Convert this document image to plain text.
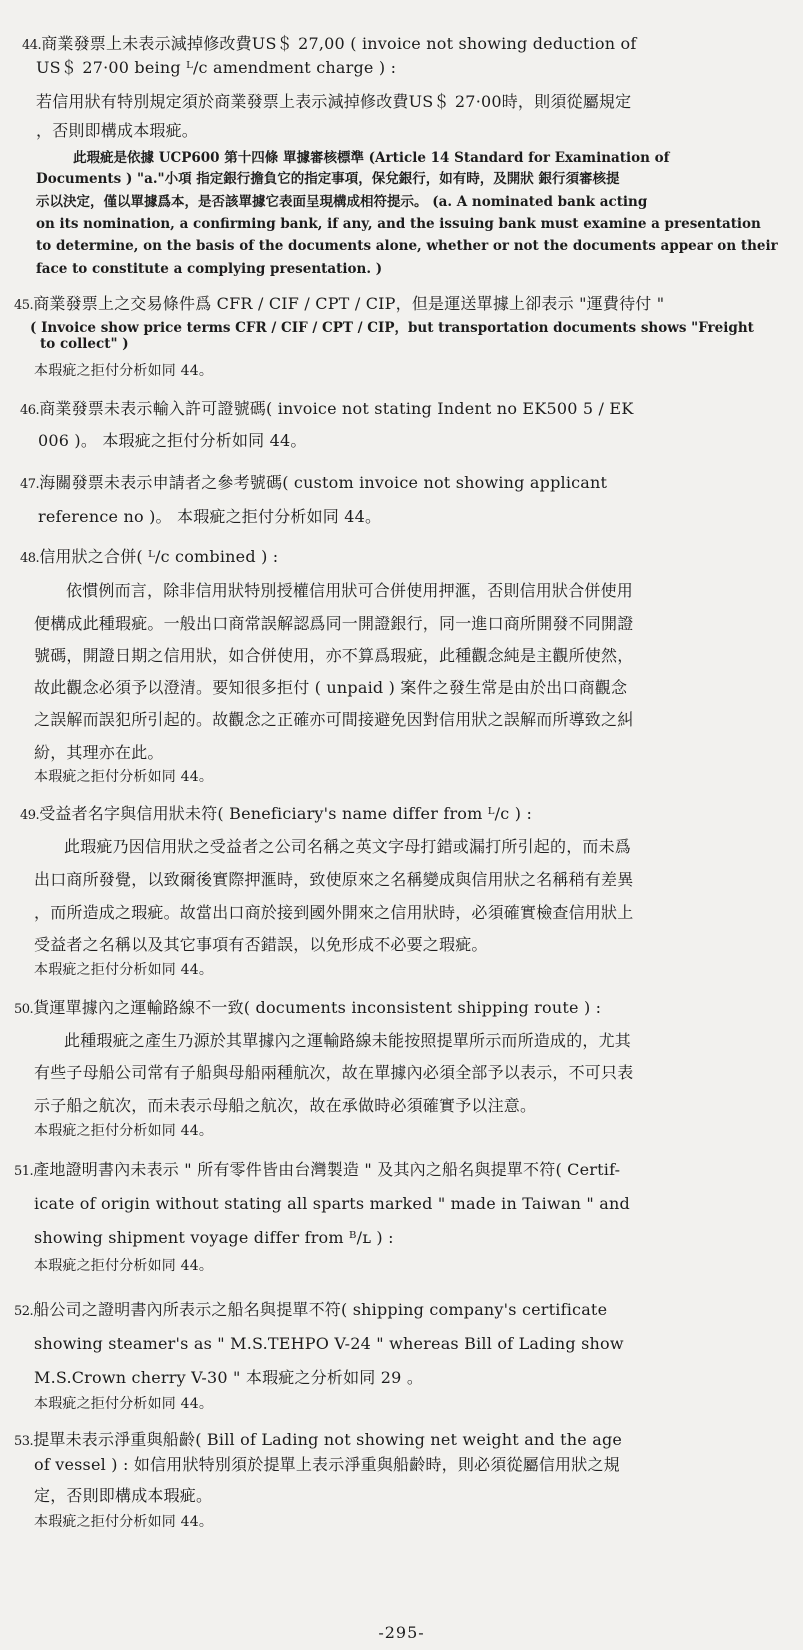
44.商業發票上未表示減掉修改費US＄ 27,00 ( invoice not showing deduction of
US＄ 27·00 being ᴸ/c amendment charge ) :
若信用狀有特別規定須於商業發票上表示減掉修改費US＄ 27·00時，則須從屬規定
，否則即構成本瑕疵。
此瑕疵是依據 UCP600 第十四條 單據審核標準 (Article 14 Standard for Examination of
Documents ) "a."小項 指定銀行擔負它的指定事項，保兌銀行，如有時，及開狀 銀行須審核提
示以決定，僅以單據爲本，是否該單據它表面呈現構成相符提示。 (a. A nominated bank acting
on its nomination, a confirming bank, if any, and the issuing bank must examine a presentation
to determine, on the basis of the documents alone, whether or not the documents appear on their
face to constitute a complying presentation. )
45.商業發票上之交易條件爲 CFR / CIF / CPT / CIP，但是運送單據上卻表示 "運費待付 "
( Invoice show price terms CFR / CIF / CPT / CIP，but transportation documents shows "Freight
to collect" )
本瑕疵之拒付分析如同 44。
46.商業發票未表示輸入許可證號碼( invoice not stating Indent no EK500 5 / EK
006 )。 本瑕疵之拒付分析如同 44。
47.海關發票未表示申請者之參考號碼( custom invoice not showing applicant
reference no )。 本瑕疵之拒付分析如同 44。
48.信用狀之合併( ᴸ/c combined ) :
依慣例而言，除非信用狀特別授權信用狀可合併使用押滙，否則信用狀合併使用
便構成此種瑕疵。一般出口商常誤解認爲同一開證銀行，同一進口商所開發不同開證
號碼，開證日期之信用狀，如合併使用，亦不算爲瑕疵，此種觀念純是主觀所使然，
故此觀念必須予以澄清。要知很多拒付 ( unpaid ) 案件之發生常是由於出口商觀念
之誤解而誤犯所引起的。故觀念之正確亦可間接避免因對信用狀之誤解而所導致之糾
紛，其理亦在此。
本瑕疵之拒付分析如同 44。
49.受益者名字與信用狀未符( Beneficiary's name differ from ᴸ/c ) :
此瑕疵乃因信用狀之受益者之公司名稱之英文字母打錯或漏打所引起的，而未爲
出口商所發覺，以致爾後實際押滙時，致使原來之名稱變成與信用狀之名稱稍有差異
，而所造成之瑕疵。故當出口商於接到國外開來之信用狀時，必須確實檢查信用狀上
受益者之名稱以及其它事項有否錯誤，以免形成不必要之瑕疵。
本瑕疵之拒付分析如同 44。
50.貨運單據內之運輸路線不一致( documents inconsistent shipping route ) :
此種瑕疵之產生乃源於其單據內之運輸路線未能按照提單所示而所造成的，尤其
有些子母船公司常有子船與母船兩種航次，故在單據內必須全部予以表示，不可只表
示子船之航次，而未表示母船之航次，故在承做時必須確實予以注意。
本瑕疵之拒付分析如同 44。
51.產地證明書內未表示 " 所有零件皆由台灣製造 " 及其內之船名與提單不符( Certif-
icate of origin without stating all sparts marked " made in Taiwan " and
showing shipment voyage differ from ᴮ/ʟ ) :
本瑕疵之拒付分析如同 44。
52.船公司之證明書內所表示之船名與提單不符( shipping company's certificate
showing steamer's as " M.S.TEHPO V-24 " whereas Bill of Lading show
M.S.Crown cherry V-30 " 本瑕疵之分析如同 29 。
本瑕疵之拒付分析如同 44。
53.提單未表示淨重與船齡( Bill of Lading not showing net weight and the age
of vessel ) : 如信用狀特別須於提單上表示淨重與船齡時，則必須從屬信用狀之規
定，否則即構成本瑕疵。
本瑕疵之拒付分析如同 44。
-295-
